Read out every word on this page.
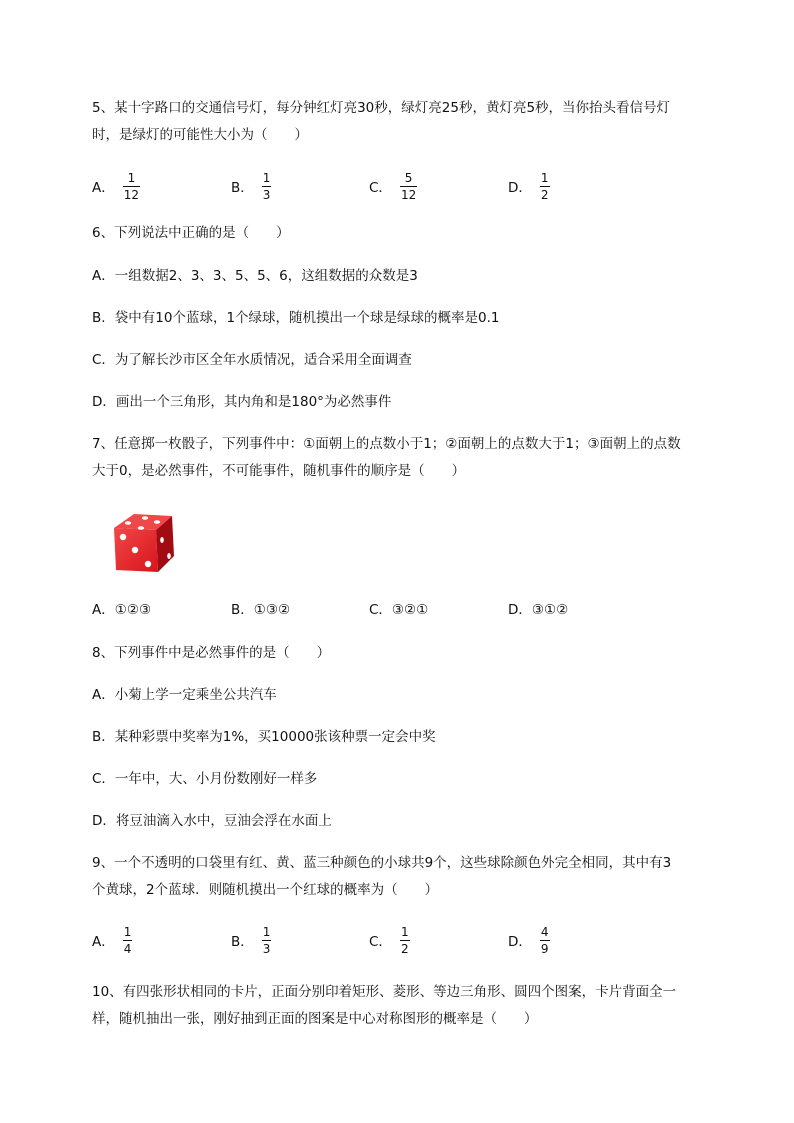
5、某十字路口的交通信号灯，每分钟红灯亮30秒，绿灯亮25秒，黄灯亮5秒，当你抬头看信号灯
时，是绿灯的可能性大小为（　　）
A． $\frac{1}{12}$	B． $\frac{1}{3}$	C． $\frac{5}{12}$	D． $\frac{1}{2}$
6、下列说法中正确的是（　　）
A．一组数据2、3、3、5、5、6，这组数据的众数是3
B．袋中有10个蓝球，1个绿球，随机摸出一个球是绿球的概率是0.1
C．为了解长沙市区全年水质情况，适合采用全面调查
D．画出一个三角形，其内角和是180°为必然事件
7、任意掷一枚骰子，下列事件中：①面朝上的点数小于1；②面朝上的点数大于1；③面朝上的点数
大于0，是必然事件，不可能事件，随机事件的顺序是（　　）
A．①②③	B．①③②	C．③②①	D．③①②
8、下列事件中是必然事件的是（　　）
A．小菊上学一定乘坐公共汽车
B．某种彩票中奖率为1%，买10000张该种票一定会中奖
C．一年中，大、小月份数刚好一样多
D．将豆油滴入水中，豆油会浮在水面上
9、一个不透明的口袋里有红、黄、蓝三种颜色的小球共9个，这些球除颜色外完全相同，其中有3
个黄球，2个蓝球．则随机摸出一个红球的概率为（　　）
A． $\frac{1}{4}$	B． $\frac{1}{3}$	C． $\frac{1}{2}$	D． $\frac{4}{9}$
10、有四张形状相同的卡片，正面分别印着矩形、菱形、等边三角形、圆四个图案，卡片背面全一
样，随机抽出一张，刚好抽到正面的图案是中心对称图形的概率是（　　）
